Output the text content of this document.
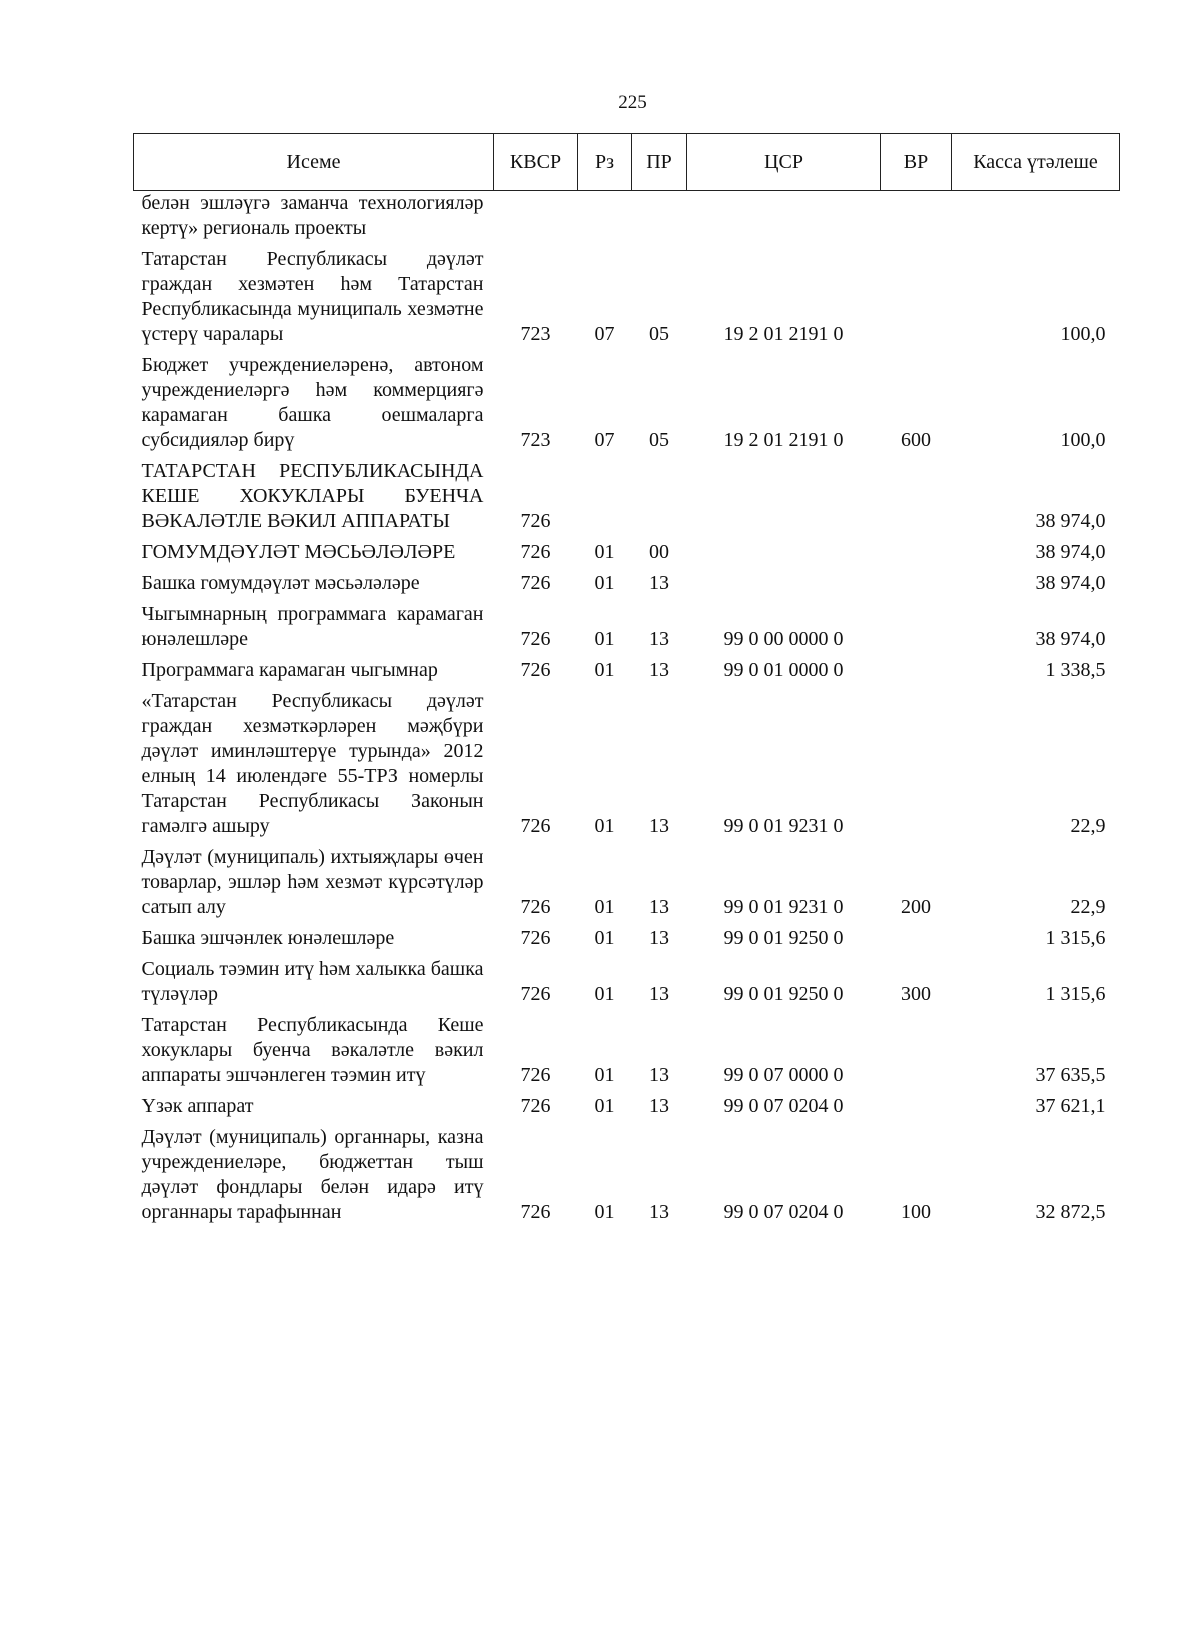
225
Исеме	КВСР	Рз	ПР	ЦСР	ВР	Касса үтәлеше
белән эшләүгә заманча технологияләр кертү» региональ проекты						
Татарстан Республикасы дәүләт граждан хезмәтен һәм Татарстан Республикасында муниципаль хезмәтне үстерү чаралары	723	07	05	19 2 01 2191 0		100,0
Бюджет учреждениеләренә, автоном учреждениеләргә һәм коммерциягә карамаган башка оешмаларга субсидияләр бирү	723	07	05	19 2 01 2191 0	600	100,0
ТАТАРСТАН РЕСПУБЛИКАСЫНДА КЕШЕ ХОКУКЛАРЫ БУЕНЧА ВӘКАЛӘТЛЕ ВӘКИЛ АППАРАТЫ	726					38 974,0
ГОМУМДӘҮЛӘТ МӘСЬӘЛӘЛӘРЕ	726	01	00			38 974,0
Башка гомумдәүләт мәсьәләләре	726	01	13			38 974,0
Чыгымнарның программага карамаган юнәлешләре	726	01	13	99 0 00 0000 0		38 974,0
Программага карамаган чыгымнар	726	01	13	99 0 01 0000 0		1 338,5
«Татарстан Республикасы дәүләт граждан хезмәткәрләрен мәҗбүри дәүләт иминләштерүе турында» 2012 елның 14 июлендәге 55-ТРЗ номерлы Татарстан Республикасы Законын гамәлгә ашыру	726	01	13	99 0 01 9231 0		22,9
Дәүләт (муниципаль) ихтыяҗлары өчен товарлар, эшләр һәм хезмәт күрсәтүләр сатып алу	726	01	13	99 0 01 9231 0	200	22,9
Башка эшчәнлек юнәлешләре	726	01	13	99 0 01 9250 0		1 315,6
Социаль тәэмин итү һәм халыкка башка түләүләр	726	01	13	99 0 01 9250 0	300	1 315,6
Татарстан Республикасында Кеше хокуклары буенча вәкаләтле вәкил аппараты эшчәнлеген тәэмин итү	726	01	13	99 0 07 0000 0		37 635,5
Үзәк аппарат	726	01	13	99 0 07 0204 0		37 621,1
Дәүләт (муниципаль) органнары, казна учреждениеләре, бюджеттан тыш дәүләт фондлары белән идарә итү органнары тарафыннан	726	01	13	99 0 07 0204 0	100	32 872,5
